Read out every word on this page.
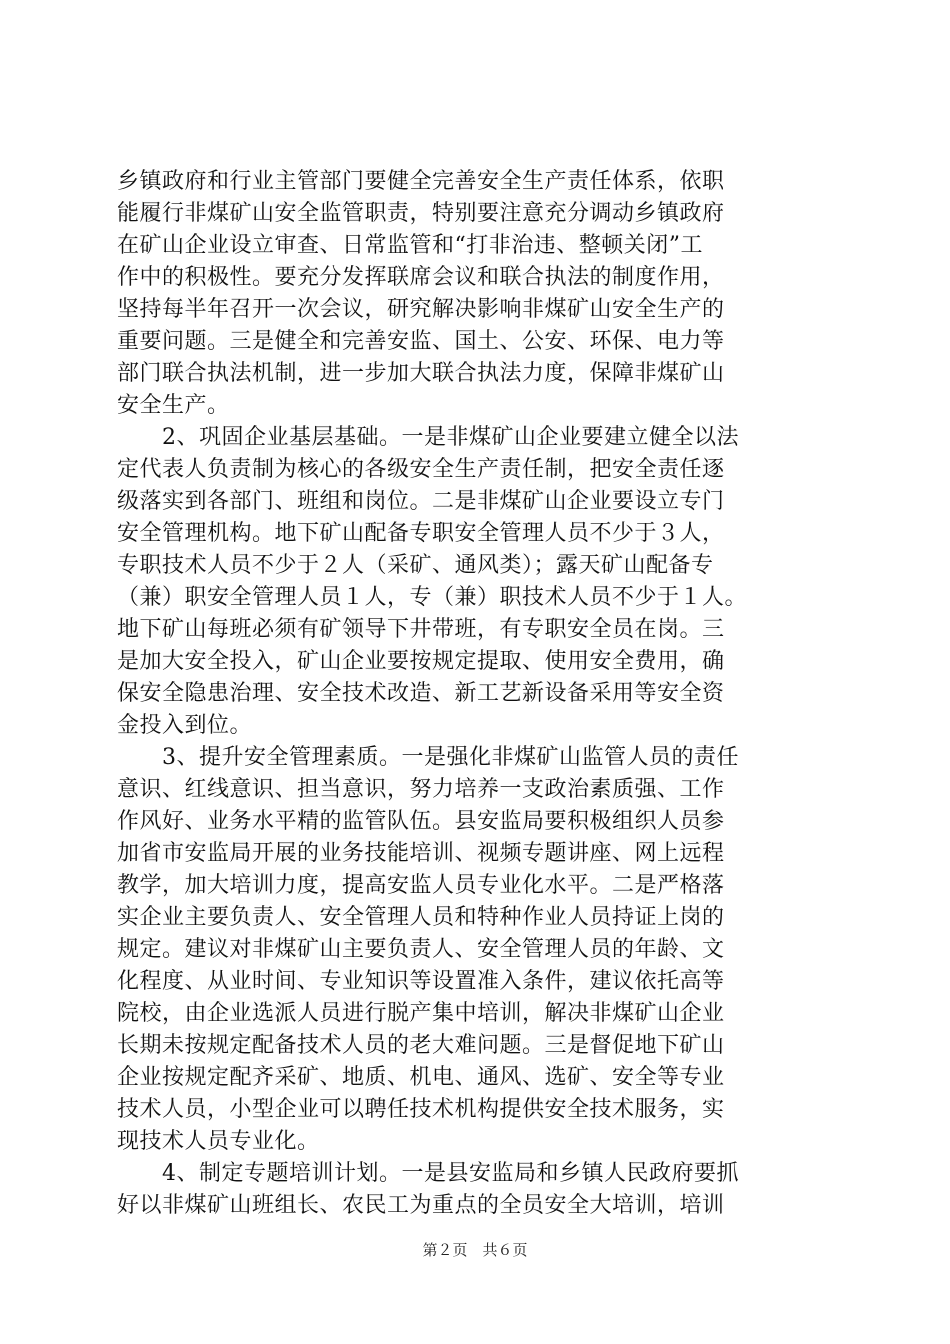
乡镇政府和行业主管部门要健全完善安全生产责任体系，依职
能履行非煤矿山安全监管职责，特别要注意充分调动乡镇政府
在矿山企业设立审查、日常监管和“打非治违、整顿关闭”工
作中的积极性。要充分发挥联席会议和联合执法的制度作用，
坚持每半年召开一次会议，研究解决影响非煤矿山安全生产的
重要问题。三是健全和完善安监、国土、公安、环保、电力等
部门联合执法机制，进一步加大联合执法力度，保障非煤矿山
安全生产。
　　2、巩固企业基层基础。一是非煤矿山企业要建立健全以法
定代表人负责制为核心的各级安全生产责任制，把安全责任逐
级落实到各部门、班组和岗位。二是非煤矿山企业要设立专门
安全管理机构。地下矿山配备专职安全管理人员不少于３人，
专职技术人员不少于２人（采矿、通风类）；露天矿山配备专
（兼）职安全管理人员１人，专（兼）职技术人员不少于１人。
地下矿山每班必须有矿领导下井带班，有专职安全员在岗。三
是加大安全投入，矿山企业要按规定提取、使用安全费用，确
保安全隐患治理、安全技术改造、新工艺新设备采用等安全资
金投入到位。
　　3、提升安全管理素质。一是强化非煤矿山监管人员的责任
意识、红线意识、担当意识，努力培养一支政治素质强、工作
作风好、业务水平精的监管队伍。县安监局要积极组织人员参
加省市安监局开展的业务技能培训、视频专题讲座、网上远程
教学，加大培训力度，提高安监人员专业化水平。二是严格落
实企业主要负责人、安全管理人员和特种作业人员持证上岗的
规定。建议对非煤矿山主要负责人、安全管理人员的年龄、文
化程度、从业时间、专业知识等设置准入条件，建议依托高等
院校，由企业选派人员进行脱产集中培训，解决非煤矿山企业
长期未按规定配备技术人员的老大难问题。三是督促地下矿山
企业按规定配齐采矿、地质、机电、通风、选矿、安全等专业
技术人员，小型企业可以聘任技术机构提供安全技术服务，实
现技术人员专业化。
　　4、制定专题培训计划。一是县安监局和乡镇人民政府要抓
好以非煤矿山班组长、农民工为重点的全员安全大培训，培训
第２页　共６页
